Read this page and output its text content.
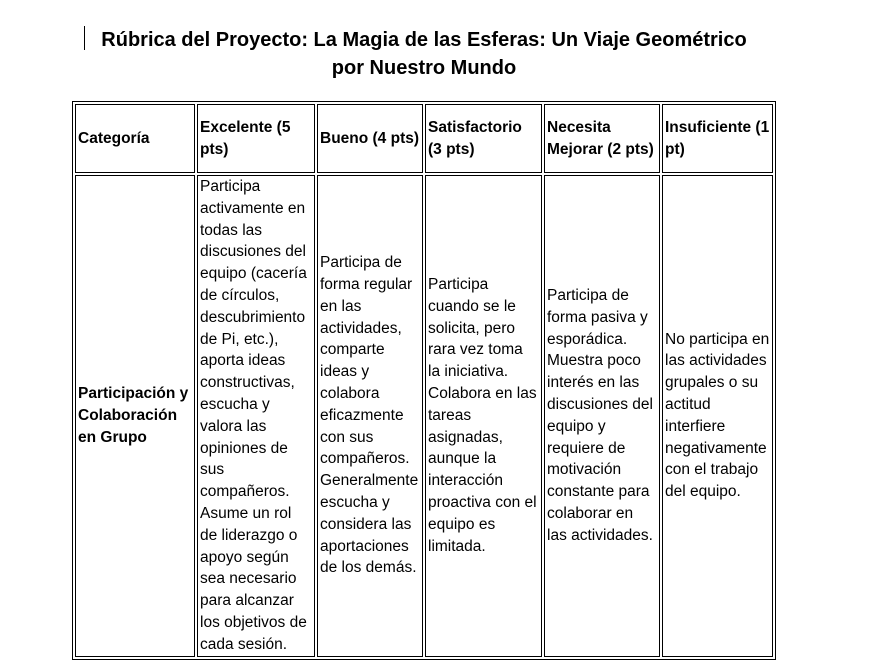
Rúbrica del Proyecto: La Magia de las Esferas: Un Viaje Geométrico
por Nuestro Mundo
Categoría	Excelente (5 pts)	Bueno (4 pts)	Satisfactorio (3 pts)	Necesita Mejorar (2 pts)	Insuficiente (1 pt)
Participación y Colaboración en Grupo	Participa activamente en todas las discusiones del equipo (cacería de círculos, descubrimiento de Pi, etc.), aporta ideas constructivas, escucha y valora las opiniones de sus compañeros. Asume un rol de liderazgo o apoyo según sea necesario para alcanzar los objetivos de cada sesión.	Participa de forma regular en las actividades, comparte ideas y colabora eficazmente con sus compañeros. Generalmente escucha y considera las aportaciones de los demás.	Participa cuando se le solicita, pero rara vez toma la iniciativa. Colabora en las tareas asignadas, aunque la interacción proactiva con el equipo es limitada.	Participa de forma pasiva y esporádica. Muestra poco interés en las discusiones del equipo y requiere de motivación constante para colaborar en las actividades.	No participa en las actividades grupales o su actitud interfiere negativamente con el trabajo del equipo.
